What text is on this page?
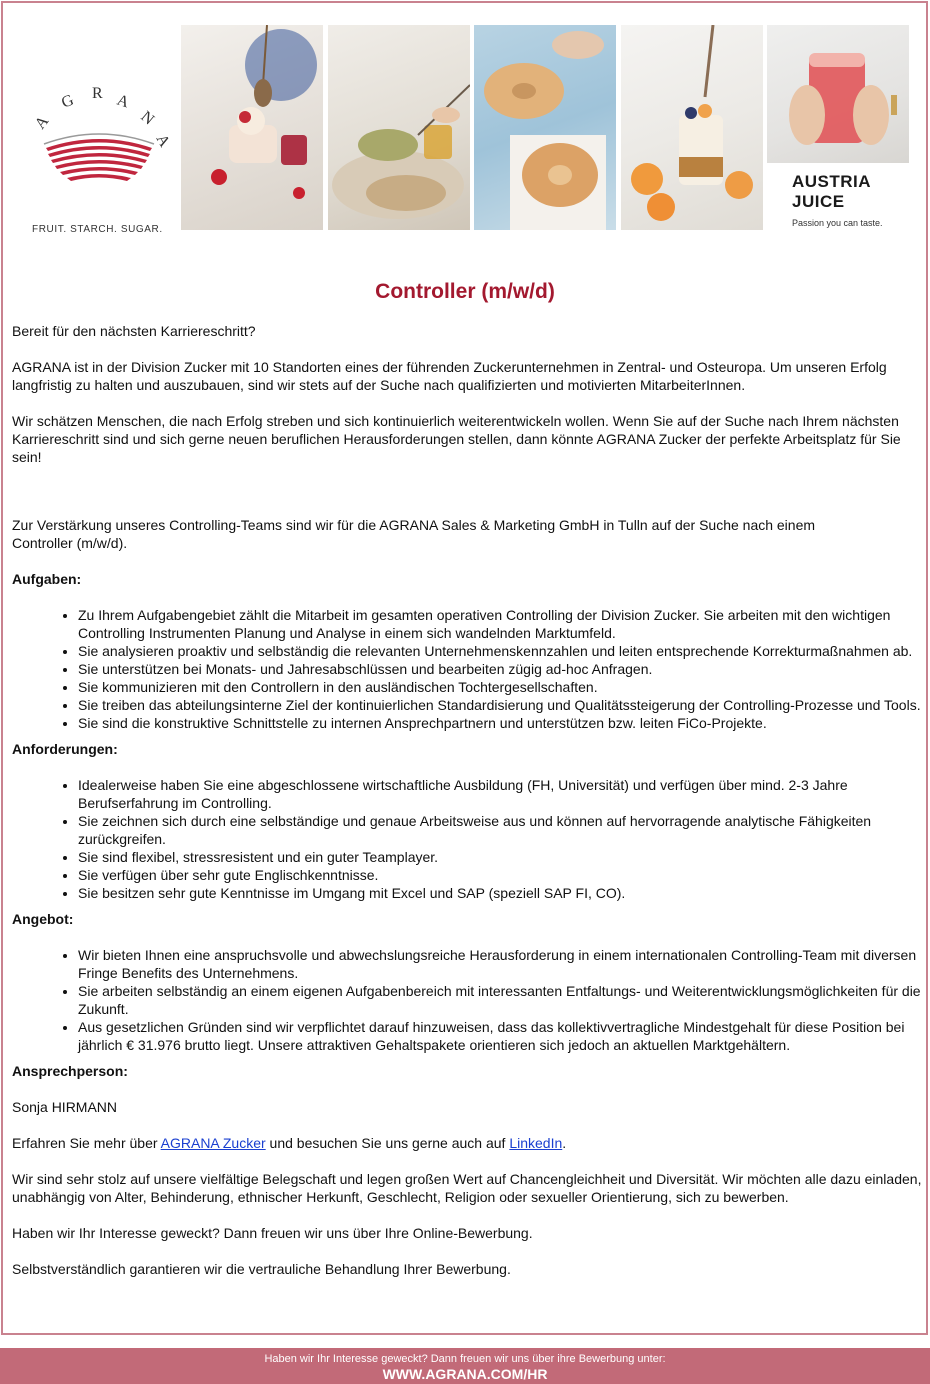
A
G R A
N
A
FRUIT. STARCH. SUGAR.
AUSTRIA
JUICE
Passion you can taste.
Controller (m/w/d)

Bereit für den nächsten Karriereschritt?

AGRANA ist in der Division Zucker mit 10 Standorten eines der führenden Zuckerunternehmen in Zentral- und Osteuropa. Um unseren Erfolg langfristig zu halten und auszubauen, sind wir stets auf der Suche nach qualifizierten und motivierten MitarbeiterInnen.

Wir schätzen Menschen, die nach Erfolg streben und sich kontinuierlich weiterentwickeln wollen. Wenn Sie auf der Suche nach Ihrem nächsten Karriereschritt sind und sich gerne neuen beruflichen Herausforderungen stellen, dann könnte AGRANA Zucker der perfekte Arbeitsplatz für Sie sein!

Zur Verstärkung unseres Controlling-Teams sind wir für die AGRANA Sales & Marketing GmbH in Tulln auf der Suche nach einem Controller (m/w/d).

Aufgaben:
• Zu Ihrem Aufgabengebiet zählt die Mitarbeit im gesamten operativen Controlling der Division Zucker. Sie arbeiten mit den wichtigen Controlling Instrumenten Planung und Analyse in einem sich wandelnden Marktumfeld.
• Sie analysieren proaktiv und selbständig die relevanten Unternehmenskennzahlen und leiten entsprechende Korrekturmaßnahmen ab.
• Sie unterstützen bei Monats- und Jahresabschlüssen und bearbeiten zügig ad-hoc Anfragen.
• Sie kommunizieren mit den Controllern in den ausländischen Tochtergesellschaften.
• Sie treiben das abteilungsinterne Ziel der kontinuierlichen Standardisierung und Qualitätssteigerung der Controlling-Prozesse und Tools.
• Sie sind die konstruktive Schnittstelle zu internen Ansprechpartnern und unterstützen bzw. leiten FiCo-Projekte.
Anforderungen:
• Idealerweise haben Sie eine abgeschlossene wirtschaftliche Ausbildung (FH, Universität) und verfügen über mind. 2-3 Jahre Berufserfahrung im Controlling.
• Sie zeichnen sich durch eine selbständige und genaue Arbeitsweise aus und können auf hervorragende analytische Fähigkeiten zurückgreifen.
• Sie sind flexibel, stressresistent und ein guter Teamplayer.
• Sie verfügen über sehr gute Englischkenntnisse.
• Sie besitzen sehr gute Kenntnisse im Umgang mit Excel und SAP (speziell SAP FI, CO).
Angebot:
• Wir bieten Ihnen eine anspruchsvolle und abwechslungsreiche Herausforderung in einem internationalen Controlling-Team mit diversen Fringe Benefits des Unternehmens.
• Sie arbeiten selbständig an einem eigenen Aufgabenbereich mit interessanten Entfaltungs- und Weiterentwicklungsmöglichkeiten für die Zukunft.
• Aus gesetzlichen Gründen sind wir verpflichtet darauf hinzuweisen, dass das kollektivvertragliche Mindestgehalt für diese Position bei jährlich € 31.976 brutto liegt. Unsere attraktiven Gehaltspakete orientieren sich jedoch an aktuellen Marktgehältern.
Ansprechperson:

Sonja HIRMANN

Erfahren Sie mehr über AGRANA Zucker und besuchen Sie uns gerne auch auf LinkedIn.

Wir sind sehr stolz auf unsere vielfältige Belegschaft und legen großen Wert auf Chancengleichheit und Diversität. Wir möchten alle dazu einladen, unabhängig von Alter, Behinderung, ethnischer Herkunft, Geschlecht, Religion oder sexueller Orientierung, sich zu bewerben.

Haben wir Ihr Interesse geweckt? Dann freuen wir uns über Ihre Online-Bewerbung.

Selbstverständlich garantieren wir die vertrauliche Behandlung Ihrer Bewerbung.

Haben wir Ihr Interesse geweckt? Dann freuen wir uns über ihre Bewerbung unter:
WWW.AGRANA.COM/HR
